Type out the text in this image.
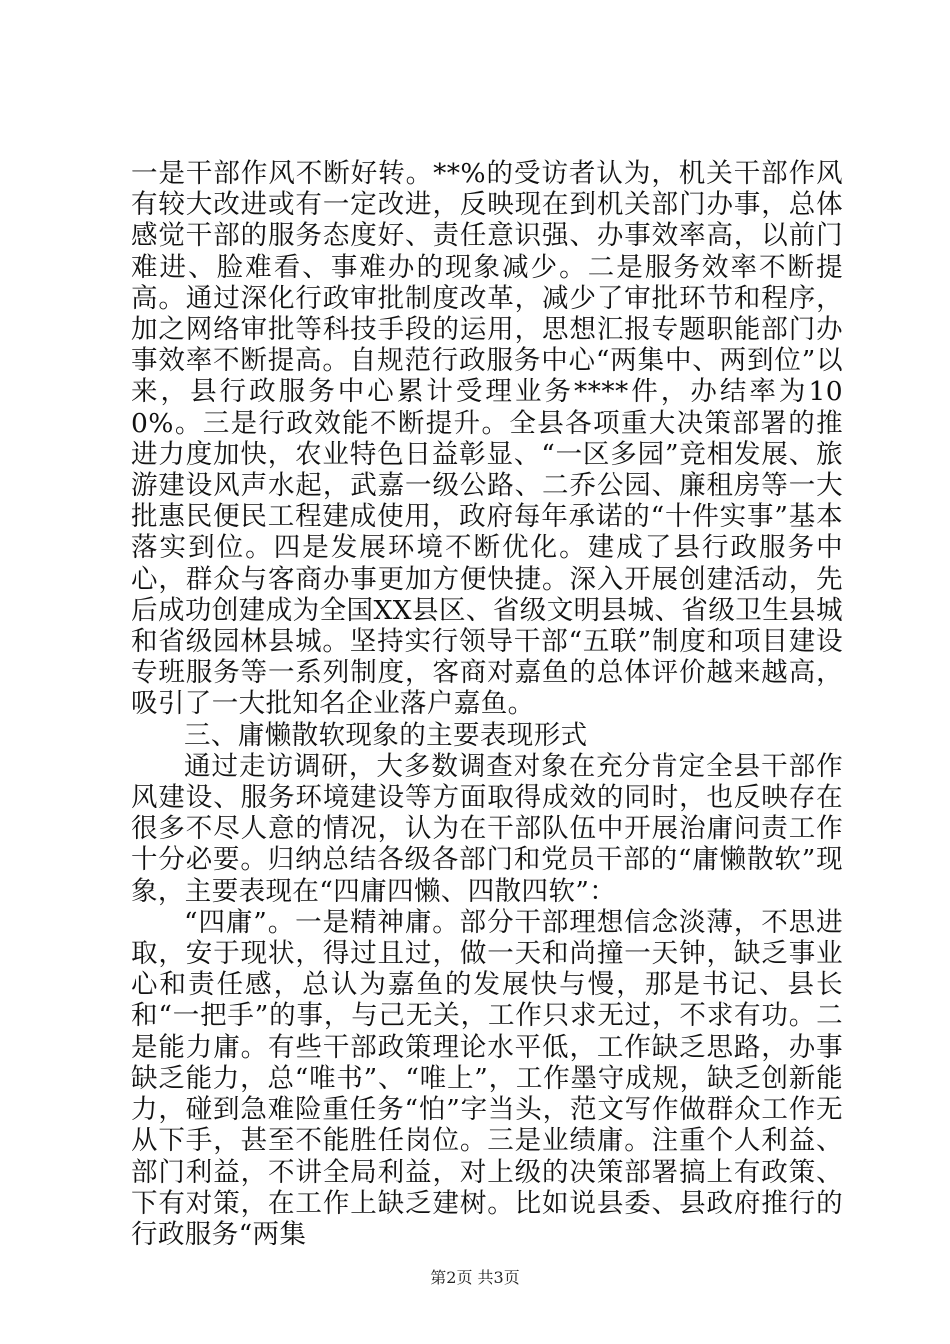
一是干部作风不断好转。**%的受访者认为，机关干部作风有较大改进或有一定改进，反映现在到机关部门办事，总体感觉干部的服务态度好、责任意识强、办事效率高，以前门难进、脸难看、事难办的现象减少。二是服务效率不断提高。通过深化行政审批制度改革，减少了审批环节和程序，加之网络审批等科技手段的运用，思想汇报专题职能部门办事效率不断提高。自规范行政服务中心“两集中、两到位”以来，县行政服务中心累计受理业务****件，办结率为100%。三是行政效能不断提升。全县各项重大决策部署的推进力度加快，农业特色日益彰显、“一区多园”竞相发展、旅游建设风声水起，武嘉一级公路、二乔公园、廉租房等一大批惠民便民工程建成使用，政府每年承诺的“十件实事”基本落实到位。四是发展环境不断优化。建成了县行政服务中心，群众与客商办事更加方便快捷。深入开展创建活动，先后成功创建成为全国XX县区、省级文明县城、省级卫生县城和省级园林县城。坚持实行领导干部“五联”制度和项目建设专班服务等一系列制度，客商对嘉鱼的总体评价越来越高，吸引了一大批知名企业落户嘉鱼。

三、庸懒散软现象的主要表现形式

通过走访调研，大多数调查对象在充分肯定全县干部作风建设、服务环境建设等方面取得成效的同时，也反映存在很多不尽人意的情况，认为在干部队伍中开展治庸问责工作十分必要。归纳总结各级各部门和党员干部的“庸懒散软”现象，主要表现在“四庸四懒、四散四软”：

“四庸”。一是精神庸。部分干部理想信念淡薄，不思进取，安于现状，得过且过，做一天和尚撞一天钟，缺乏事业心和责任感，总认为嘉鱼的发展快与慢，那是书记、县长和“一把手”的事，与己无关，工作只求无过，不求有功。二是能力庸。有些干部政策理论水平低，工作缺乏思路，办事缺乏能力，总“唯书”、“唯上”，工作墨守成规，缺乏创新能力，碰到急难险重任务“怕”字当头，范文写作做群众工作无从下手，甚至不能胜任岗位。三是业绩庸。注重个人利益、部门利益，不讲全局利益，对上级的决策部署搞上有政策、下有对策，在工作上缺乏建树。比如说县委、县政府推行的行政服务“两集

第2页 共3页
